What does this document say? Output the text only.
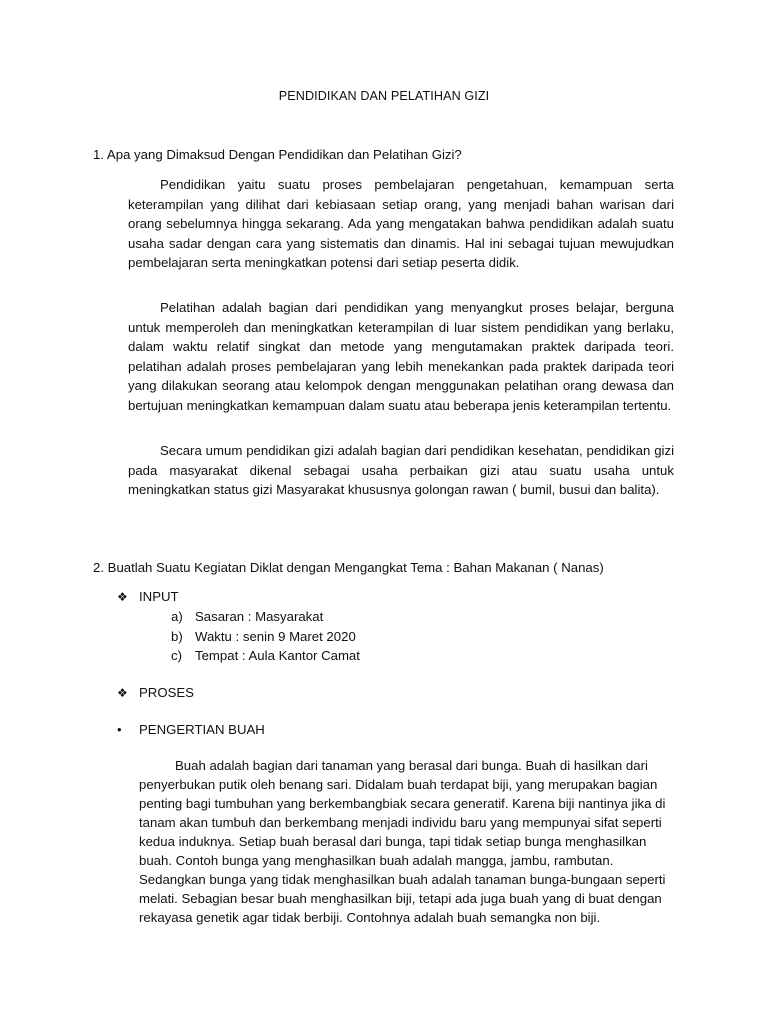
PENDIDIKAN DAN PELATIHAN GIZI
1. Apa yang Dimaksud Dengan Pendidikan dan Pelatihan Gizi?

Pendidikan yaitu suatu proses pembelajaran pengetahuan, kemampuan serta keterampilan yang dilihat dari kebiasaan setiap orang, yang menjadi bahan warisan dari orang sebelumnya hingga sekarang. Ada yang mengatakan bahwa pendidikan adalah suatu usaha sadar dengan cara yang sistematis dan dinamis. Hal ini sebagai tujuan mewujudkan pembelajaran serta meningkatkan potensi dari setiap peserta didik.

Pelatihan adalah bagian dari pendidikan yang menyangkut proses belajar, berguna untuk memperoleh dan meningkatkan keterampilan di luar sistem pendidikan yang berlaku, dalam waktu relatif singkat dan metode yang mengutamakan praktek daripada teori. pelatihan adalah proses pembelajaran yang lebih menekankan pada praktek daripada teori yang dilakukan seorang atau kelompok dengan menggunakan pelatihan orang dewasa dan bertujuan meningkatkan kemampuan dalam suatu atau beberapa jenis keterampilan tertentu.

Secara umum pendidikan gizi adalah bagian dari pendidikan kesehatan, pendidikan gizi pada masyarakat dikenal sebagai usaha perbaikan gizi atau suatu usaha untuk meningkatkan status gizi Masyarakat khususnya golongan rawan ( bumil, busui dan balita).

2. Buatlah Suatu Kegiatan Diklat dengan Mengangkat Tema : Bahan Makanan ( Nanas)
❖ INPUT
a) Sasaran : Masyarakat
b) Waktu : senin 9 Maret 2020
c) Tempat : Aula Kantor Camat
❖ PROSES
•	PENGERTIAN BUAH

Buah adalah bagian dari tanaman yang berasal dari bunga. Buah di hasilkan dari penyerbukan putik oleh benang sari. Didalam buah terdapat biji, yang merupakan bagian penting bagi tumbuhan yang berkembangbiak secara generatif. Karena biji nantinya jika di tanam akan tumbuh dan berkembang menjadi individu baru yang mempunyai sifat seperti kedua induknya. Setiap buah berasal dari bunga, tapi tidak setiap bunga menghasilkan buah. Contoh bunga yang menghasilkan buah adalah mangga, jambu, rambutan. Sedangkan bunga yang tidak menghasilkan buah adalah tanaman bunga-bungaan seperti melati. Sebagian besar buah menghasilkan biji, tetapi ada juga buah yang di buat dengan rekayasa genetik agar tidak berbiji. Contohnya adalah buah semangka non biji.
